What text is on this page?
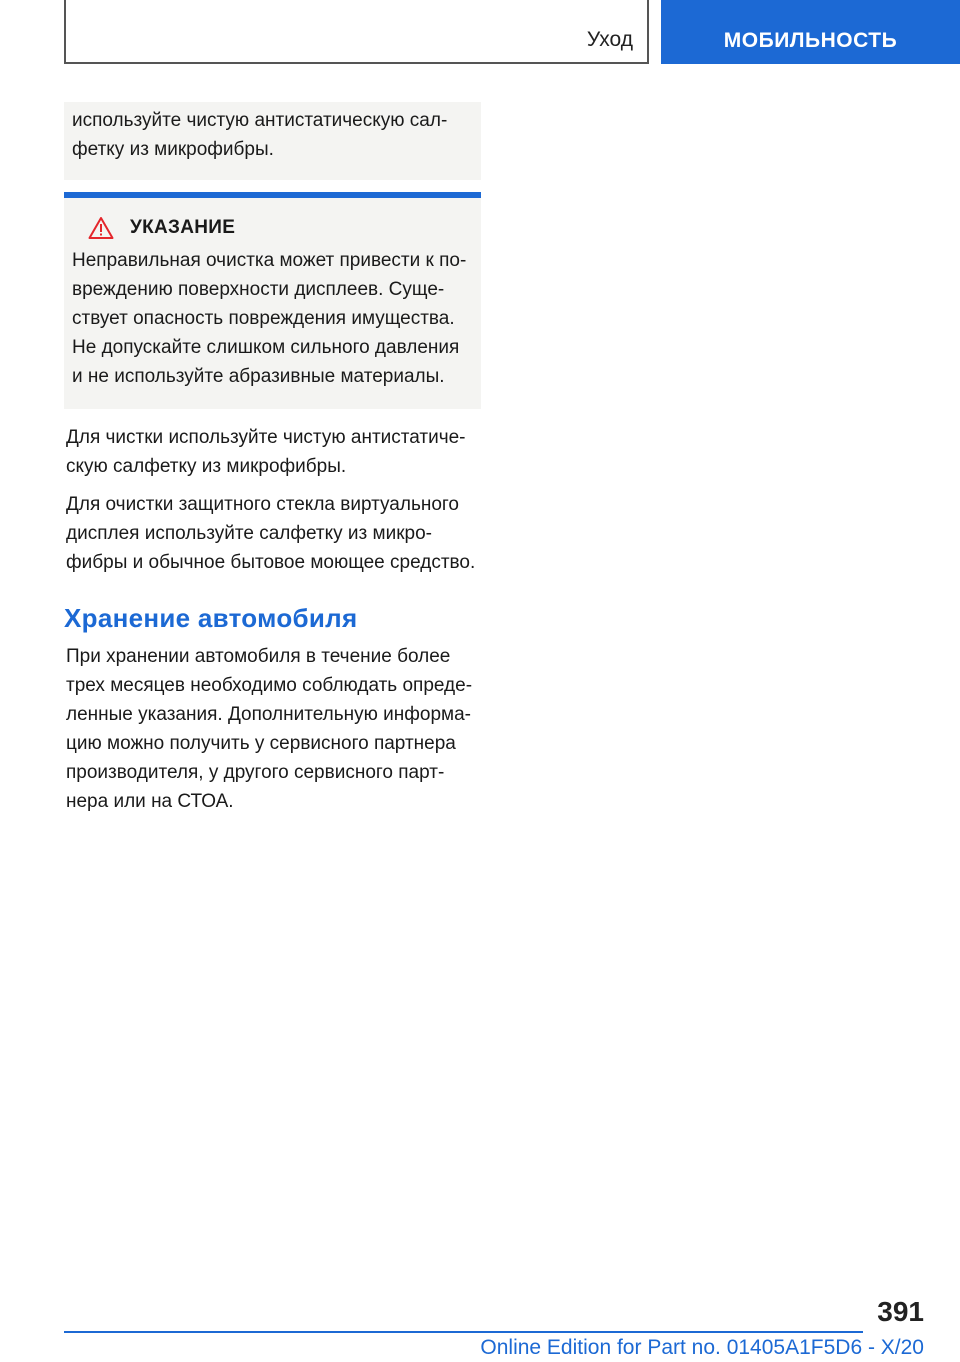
Уход	МОБИЛЬНОСТЬ

используйте чистую антистатическую сал- фетку из микрофибры.

УКАЗАНИЕ

Неправильная очистка может привести к по- вреждению поверхности дисплеев. Суще- ствует опасность повреждения имущества. Не допускайте слишком сильного давления и не используйте абразивные материалы.

Для чистки используйте чистую антистатиче- скую салфетку из микрофибры.

Для очистки защитного стекла виртуального дисплея используйте салфетку из микро- фибры и обычное бытовое моющее средство.

Хранение автомобиля

При хранении автомобиля в течение более трех месяцев необходимо соблюдать опреде- ленные указания. Дополнительную информа- цию можно получить у сервисного партнера производителя, у другого сервисного парт- нера или на СТОА.

391
Online Edition for Part no. 01405A1F5D6 - X/20
